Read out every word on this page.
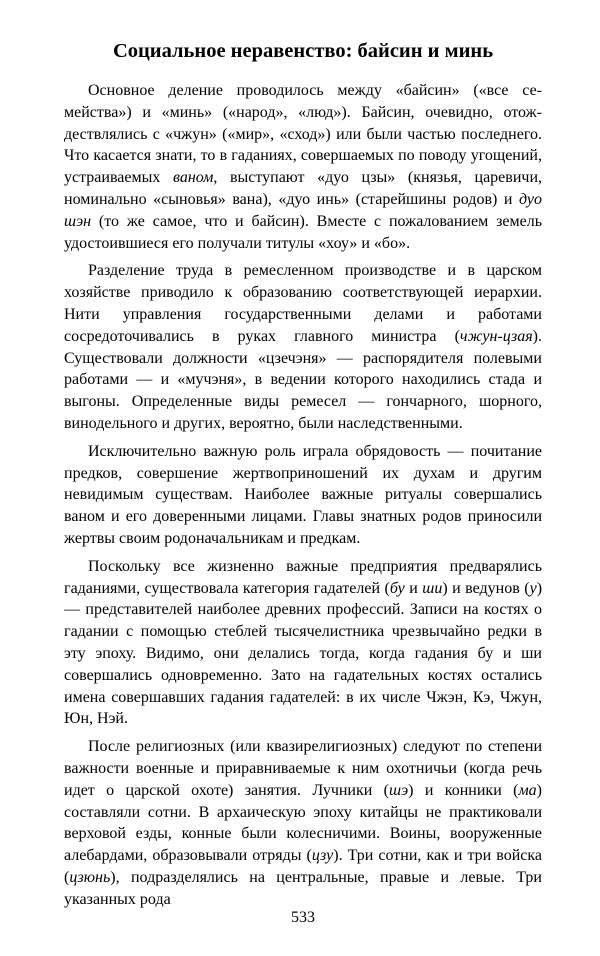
Социальное неравенство: байсин и минь

Основное деление проводилось между «байсин» («все семейства») и «минь» («народ», «люд»). Байсин, очевидно, отождествлялись с «чжун» («мир», «сход») или были частью последнего. Что касается знати, то в гаданиях, совершаемых по поводу угощений, устраиваемых ваном, выступают «дуо цзы» (князья, царевичи, номинально «сыновья» вана), «дуо инь» (старейшины родов) и дуо шэн (то же самое, что и байсин). Вместе с пожалованием земель удостоившиеся его получали титулы «хоу» и «бо».

Разделение труда в ремесленном производстве и в царском хозяйстве приводило к образованию соответствующей иерархии. Нити управления государственными делами и работами сосредоточивались в руках главного министра (чжун-цзая). Существовали должности «цзечэня» — распорядителя полевыми работами — и «мучэня», в ведении которого находились стада и выгоны. Определенные виды ремесел — гончарного, шорного, винодельного и других, вероятно, были наследственными.

Исключительно важную роль играла обрядовость — почитание предков, совершение жертвоприношений их духам и другим невидимым существам. Наиболее важные ритуалы совершались ваном и его доверенными лицами. Главы знатных родов приносили жертвы своим родоначальникам и предкам.

Поскольку все жизненно важные предприятия предварялись гаданиями, существовала категория гадателей (бу и ши) и ведунов (у) — представителей наиболее древних профессий. Записи на костях о гадании с помощью стеблей тысячелистника чрезвычайно редки в эту эпоху. Видимо, они делались тогда, когда гадания бу и ши совершались одновременно. Зато на гадательных костях остались имена совершавших гадания гадателей: в их числе Чжэн, Кэ, Чжун, Юн, Нэй.

После религиозных (или квазирелигиозных) следуют по степени важности военные и приравниваемые к ним охотничьи (когда речь идет о царской охоте) занятия. Лучники (шэ) и конники (ма) составляли сотни. В архаическую эпоху китайцы не практиковали верховой езды, конные были колесничими. Воины, вооруженные алебардами, образовывали отряды (цзу). Три сотни, как и три войска (цзюнь), подразделялись на центральные, правые и левые. Три указанных рода

533
